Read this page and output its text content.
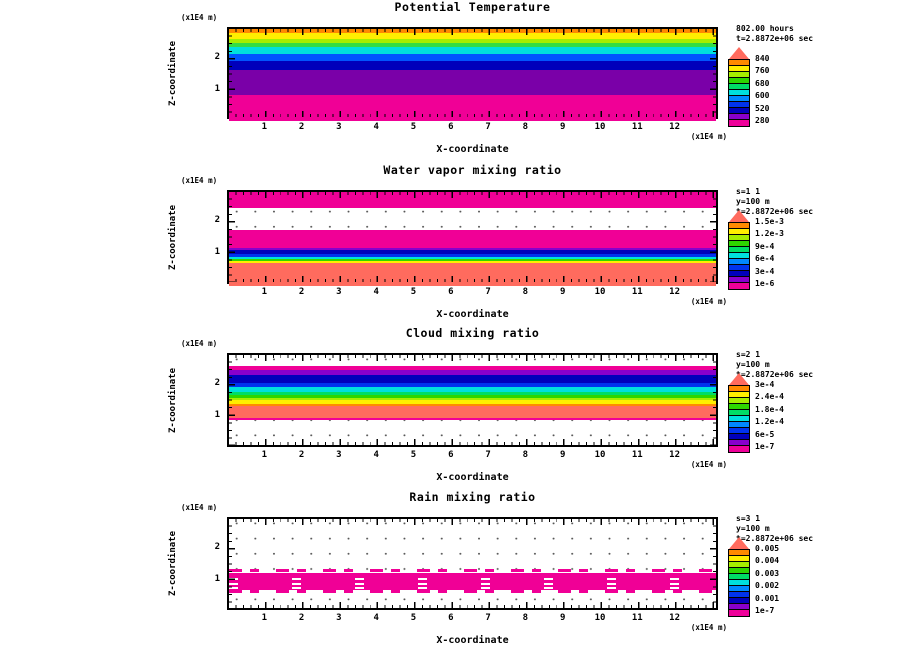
Potential Temperature
(x1E4 m)
Z-coordinate	2
1
1	2	3	4	5	6	7	8	9	10	11	12
(x1E4 m)
X-coordinate
802.00 hours
t=2.8872e+06 sec
840
760
680
600
520
280
Water vapor mixing ratio
(x1E4 m)
Z-coordinate	2
1
1	2	3	4	5	6	7	8	9	10	11	12
(x1E4 m)
X-coordinate
s=1 1
y=100 m
t=2.8872e+06 sec
1.5e-3
1.2e-3
9e-4
6e-4
3e-4
1e-6
Cloud mixing ratio
(x1E4 m)
Z-coordinate	2
1
1	2	3	4	5	6	7	8	9	10	11	12
(x1E4 m)
X-coordinate
s=2 1
y=100 m
t=2.8872e+06 sec
3e-4
2.4e-4
1.8e-4
1.2e-4
6e-5
1e-7
Rain mixing ratio
(x1E4 m)
Z-coordinate	2
1
1	2	3	4	5	6	7	8	9	10	11	12
(x1E4 m)
X-coordinate
s=3 1
y=100 m
t=2.8872e+06 sec
0.005
0.004
0.003
0.002
0.001
1e-7
